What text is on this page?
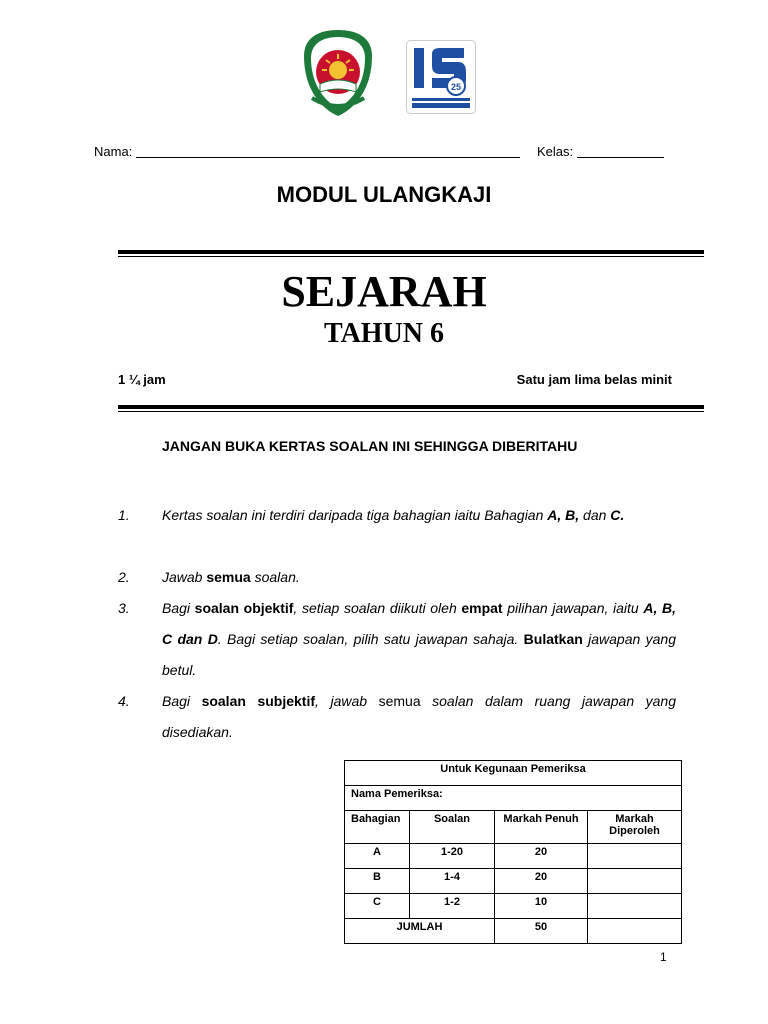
25
Nama:	Kelas:
MODUL ULANGKAJI
SEJARAH
TAHUN 6
1 ¼ jam	Satu jam lima belas minit
JANGAN BUKA KERTAS SOALAN INI SEHINGGA DIBERITAHU
1. Kertas soalan ini terdiri daripada tiga bahagian iaitu Bahagian A, B, dan C.
2. Jawab semua soalan.
3. Bagi soalan objektif, setiap soalan diikuti oleh empat pilihan jawapan, iaitu A, B, C dan D. Bagi setiap soalan, pilih satu jawapan sahaja. Bulatkan jawapan yang betul.
4. Bagi soalan subjektif, jawab semua soalan dalam ruang jawapan yang disediakan.
Untuk Kegunaan Pemeriksa			
Nama Pemeriksa:			
Bahagian	Soalan	Markah Penuh	Markah Diperoleh
A	1-20	20	
B	1-4	20	
C	1-2	10	
JUMLAH		50	
1
